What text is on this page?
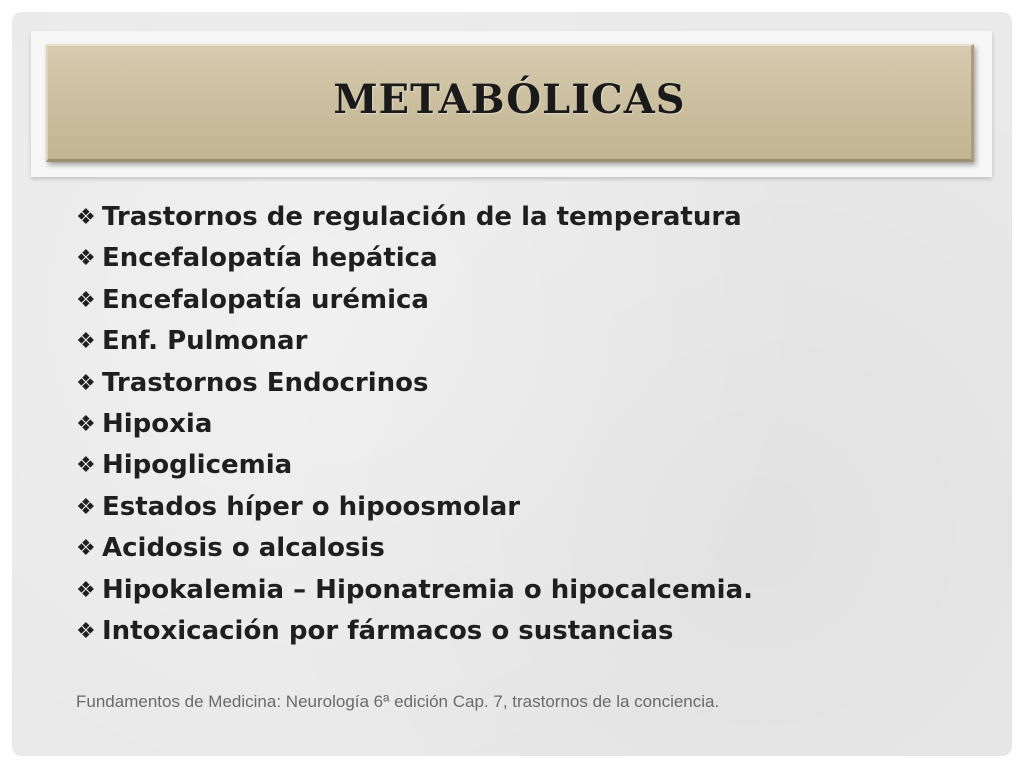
METABÓLICAS
❖ Trastornos de regulación de la temperatura
❖ Encefalopatía hepática
❖ Encefalopatía urémica
❖ Enf. Pulmonar
❖ Trastornos Endocrinos
❖ Hipoxia
❖ Hipoglicemia
❖ Estados híper o hipoosmolar
❖ Acidosis o alcalosis
❖ Hipokalemia – Hiponatremia o hipocalcemia.
❖ Intoxicación por fármacos o sustancias

Fundamentos de Medicina: Neurología 6ª edición Cap. 7, trastornos de la conciencia.
